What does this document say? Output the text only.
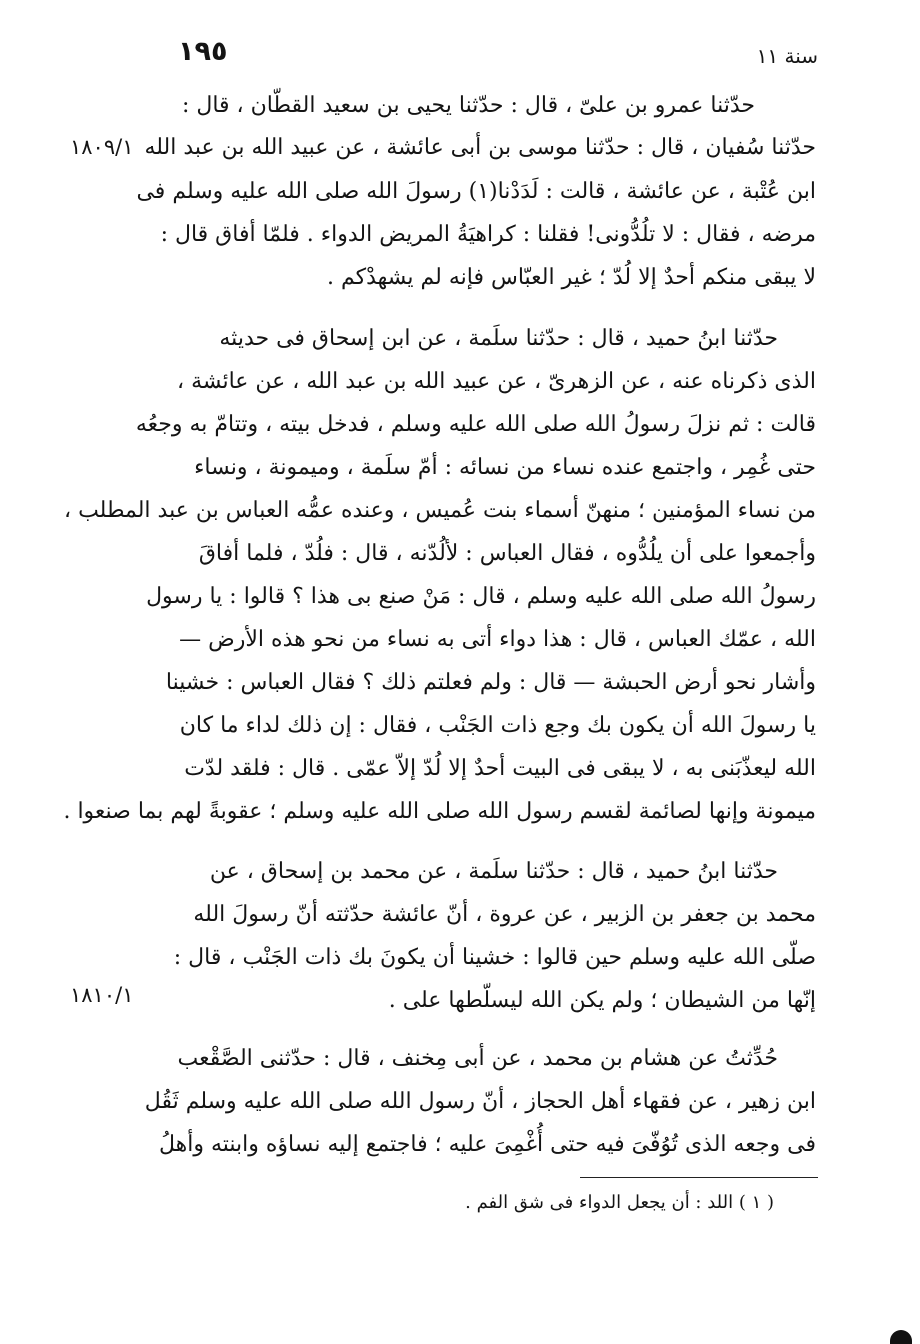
١٩٥	سنة ١١
١٨٠٩/١
١٨١٠/١
حدّثنا عمرو بن علىّ ، قال : حدّثنا يحيى بن سعيد القطّان ، قال :
حدّثنا سُفيان ، قال : حدّثنا موسى بن أبى عائشة ، عن عبيد الله بن عبد الله
ابن عُتْبة ، عن عائشة ، قالت : لَدَدْنا(١) رسولَ الله صلى الله عليه وسلم فى
مرضه ، فقال : لا تلُدُّونى! فقلنا : كراهيَةُ المريض الدواء . فلمّا أفاق قال :
لا يبقى منكم أحدٌ إلا لُدّ ؛ غير العبّاس فإنه لم يشهدْكم .
حدّثنا ابنُ حميد ، قال : حدّثنا سلَمة ، عن ابن إسحاق فى حديثه
الذى ذكرناه عنه ، عن الزهرىّ ، عن عبيد الله بن عبد الله ، عن عائشة ،
قالت : ثم نزلَ رسولُ الله صلى الله عليه وسلم ، فدخل بيته ، وتتامّ به وجعُه
حتى غُمِر ، واجتمع عنده نساء من نسائه : أمّ سلَمة ، وميمونة ، ونساء
من نساء المؤمنين ؛ منهنّ أسماء بنت عُميس ، وعنده عمُّه العباس بن عبد المطلب ،
وأجمعوا على أن يلُدُّوه ، فقال العباس : لألُدّنه ، قال : فلُدّ ، فلما أفاقَ
رسولُ الله صلى الله عليه وسلم ، قال : مَنْ صنع بى هذا ؟ قالوا : يا رسول
الله ، عمّك العباس ، قال : هذا دواء أتى به نساء من نحو هذه الأرض —
وأشار نحو أرض الحبشة — قال : ولم فعلتم ذلك ؟ فقال العباس : خشينا
يا رسولَ الله أن يكون بك وجع ذات الجَنْب ، فقال : إن ذلك لداء ما كان
الله ليعذّبَنى به ، لا يبقى فى البيت أحدٌ إلا لُدّ إلاّ عمّى . قال : فلقد لدّت
ميمونة وإنها لصائمة لقسم رسول الله صلى الله عليه وسلم ؛ عقوبةً لهم بما صنعوا .
حدّثنا ابنُ حميد ، قال : حدّثنا سلَمة ، عن محمد بن إسحاق ، عن
محمد بن جعفر بن الزبير ، عن عروة ، أنّ عائشة حدّثته أنّ رسولَ الله
صلّى الله عليه وسلم حين قالوا : خشينا أن يكونَ بك ذات الجَنْب ، قال :
إنّها من الشيطان ؛ ولم يكن الله ليسلّطها على .
حُدِّثتُ عن هشام بن محمد ، عن أبى مِخنف ، قال : حدّثنى الصَّقْعب
ابن زهير ، عن فقهاء أهل الحجاز ، أنّ رسول الله صلى الله عليه وسلم ثَقُل
فى وجعه الذى تُوُفّىَ فيه حتى أُغْمِىَ عليه ؛ فاجتمع إليه نساؤه وابنته وأهلُ
( ١ ) اللد : أن يجعل الدواء فى شق الفم .
